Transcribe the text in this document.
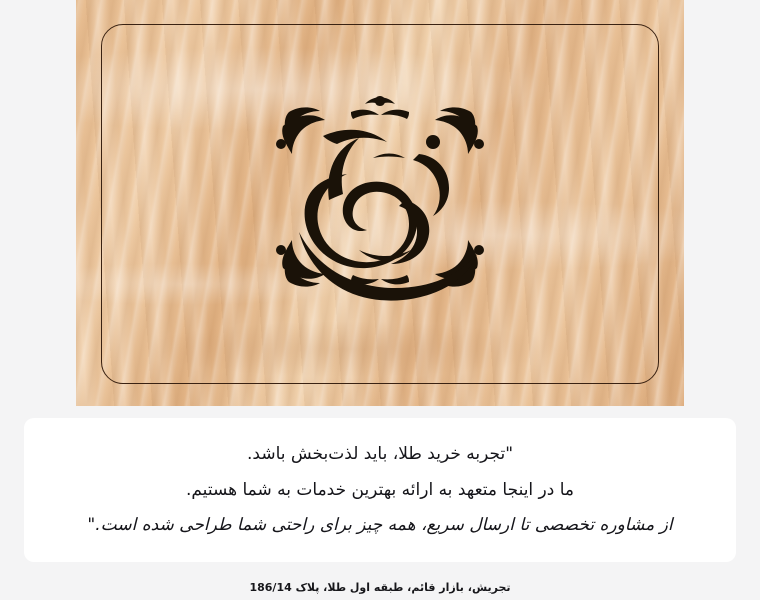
"تجربه خرید طلا، باید لذت‌بخش باشد.
ما در اینجا متعهد به ارائه بهترین خدمات به شما هستیم.
از مشاوره تخصصی تا ارسال سریع، همه چیز برای راحتی شما طراحی شده است."
تجریش، بازار قائم، طبقه اول طلا، پلاک 186/14
